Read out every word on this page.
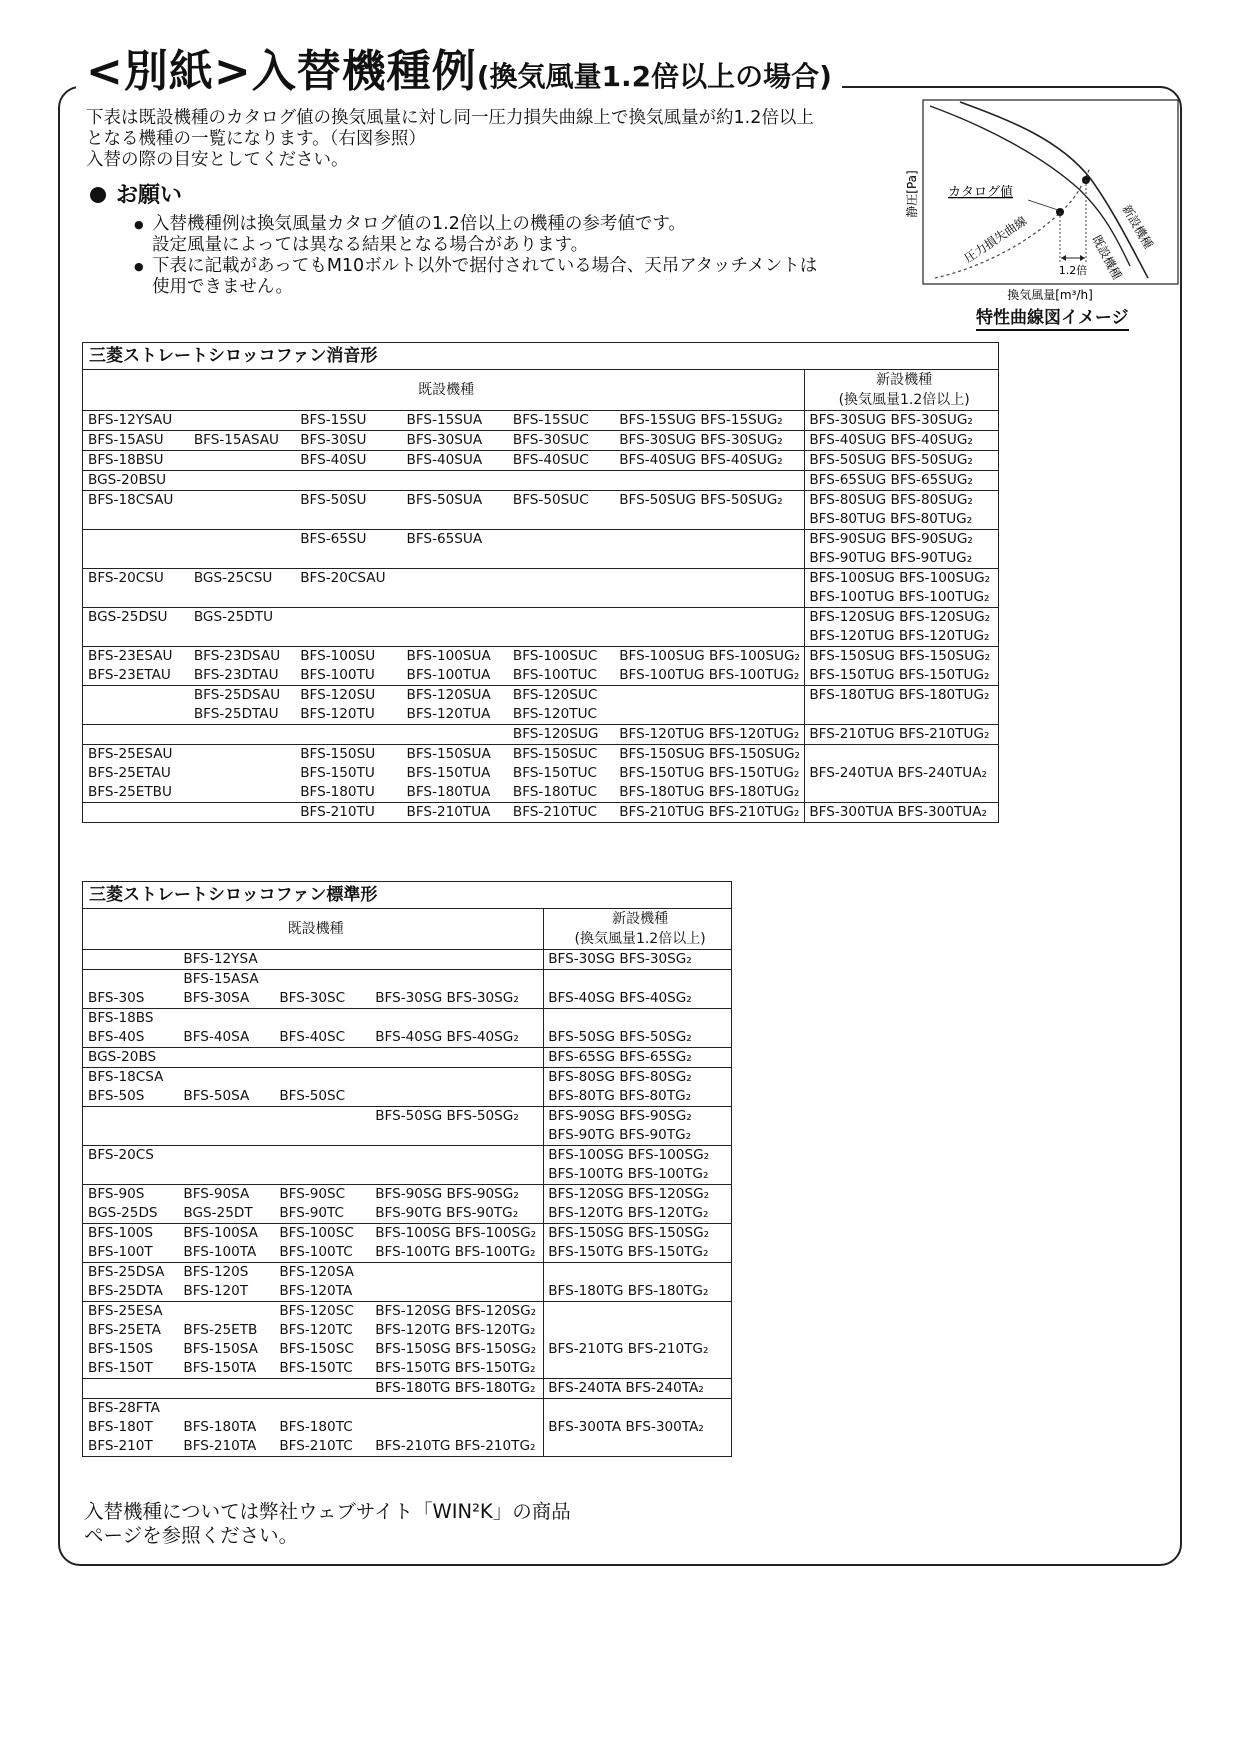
<別紙>入替機種例(換気風量1.2倍以上の場合)

下表は既設機種のカタログ値の換気風量に対し同一圧力損失曲線上で換気風量が約1.2倍以上

となる機種の一覧になります。（右図参照）

入替の際の目安としてください。

お願い
● 入替機種例は換気風量カタログ値の1.2倍以上の機種の参考値です。
設定風量によっては異なる結果となる場合があります。
● 下表に記載があってもM10ボルト以外で据付されている場合、天吊アタッチメントは
使用できません。
静圧[Pa]
1.2倍
カタログ値
圧力損失曲線	新設機種
既設機種
換気風量[m³/h]
特性曲線図イメージ
三菱ストレートシロッコファン消音形						
既設機種						新設機種
(換気風量1.2倍以上)
BFS-12YSAU		BFS-15SU	BFS-15SUA	BFS-15SUC	BFS-15SUG BFS-15SUG₂	BFS-30SUG BFS-30SUG₂
BFS-15ASU	BFS-15ASAU	BFS-30SU	BFS-30SUA	BFS-30SUC	BFS-30SUG BFS-30SUG₂	BFS-40SUG BFS-40SUG₂
BFS-18BSU		BFS-40SU	BFS-40SUA	BFS-40SUC	BFS-40SUG BFS-40SUG₂	BFS-50SUG BFS-50SUG₂
BGS-20BSU						BFS-65SUG BFS-65SUG₂
BFS-18CSAU		BFS-50SU	BFS-50SUA	BFS-50SUC	BFS-50SUG BFS-50SUG₂	BFS-80SUG BFS-80SUG₂
						BFS-80TUG BFS-80TUG₂
		BFS-65SU	BFS-65SUA			BFS-90SUG BFS-90SUG₂
						BFS-90TUG BFS-90TUG₂
BFS-20CSU	BGS-25CSU	BFS-20CSAU				BFS-100SUG BFS-100SUG₂
						BFS-100TUG BFS-100TUG₂
BGS-25DSU	BGS-25DTU					BFS-120SUG BFS-120SUG₂
						BFS-120TUG BFS-120TUG₂
BFS-23ESAU	BFS-23DSAU	BFS-100SU	BFS-100SUA	BFS-100SUC	BFS-100SUG BFS-100SUG₂	BFS-150SUG BFS-150SUG₂
BFS-23ETAU	BFS-23DTAU	BFS-100TU	BFS-100TUA	BFS-100TUC	BFS-100TUG BFS-100TUG₂	BFS-150TUG BFS-150TUG₂
	BFS-25DSAU	BFS-120SU	BFS-120SUA	BFS-120SUC		BFS-180TUG BFS-180TUG₂
	BFS-25DTAU	BFS-120TU	BFS-120TUA	BFS-120TUC		
				BFS-120SUG	BFS-120TUG BFS-120TUG₂	BFS-210TUG BFS-210TUG₂
BFS-25ESAU		BFS-150SU	BFS-150SUA	BFS-150SUC	BFS-150SUG BFS-150SUG₂	
BFS-25ETAU		BFS-150TU	BFS-150TUA	BFS-150TUC	BFS-150TUG BFS-150TUG₂	BFS-240TUA BFS-240TUA₂
BFS-25ETBU		BFS-180TU	BFS-180TUA	BFS-180TUC	BFS-180TUG BFS-180TUG₂	
		BFS-210TU	BFS-210TUA	BFS-210TUC	BFS-210TUG BFS-210TUG₂	BFS-300TUA BFS-300TUA₂
三菱ストレートシロッコファン標準形				
既設機種				新設機種
(換気風量1.2倍以上)
	BFS-12YSA			BFS-30SG BFS-30SG₂
	BFS-15ASA			
BFS-30S	BFS-30SA	BFS-30SC	BFS-30SG BFS-30SG₂	BFS-40SG BFS-40SG₂
BFS-18BS				
BFS-40S	BFS-40SA	BFS-40SC	BFS-40SG BFS-40SG₂	BFS-50SG BFS-50SG₂
BGS-20BS				BFS-65SG BFS-65SG₂
BFS-18CSA				BFS-80SG BFS-80SG₂
BFS-50S	BFS-50SA	BFS-50SC		BFS-80TG BFS-80TG₂
			BFS-50SG BFS-50SG₂	BFS-90SG BFS-90SG₂
				BFS-90TG BFS-90TG₂
BFS-20CS				BFS-100SG BFS-100SG₂
				BFS-100TG BFS-100TG₂
BFS-90S	BFS-90SA	BFS-90SC	BFS-90SG BFS-90SG₂	BFS-120SG BFS-120SG₂
BGS-25DS	BGS-25DT	BFS-90TC	BFS-90TG BFS-90TG₂	BFS-120TG BFS-120TG₂
BFS-100S	BFS-100SA	BFS-100SC	BFS-100SG BFS-100SG₂	BFS-150SG BFS-150SG₂
BFS-100T	BFS-100TA	BFS-100TC	BFS-100TG BFS-100TG₂	BFS-150TG BFS-150TG₂
BFS-25DSA	BFS-120S	BFS-120SA		
BFS-25DTA	BFS-120T	BFS-120TA		BFS-180TG BFS-180TG₂
BFS-25ESA		BFS-120SC	BFS-120SG BFS-120SG₂	
BFS-25ETA	BFS-25ETB	BFS-120TC	BFS-120TG BFS-120TG₂	
BFS-150S	BFS-150SA	BFS-150SC	BFS-150SG BFS-150SG₂	BFS-210TG BFS-210TG₂
BFS-150T	BFS-150TA	BFS-150TC	BFS-150TG BFS-150TG₂	
			BFS-180TG BFS-180TG₂	BFS-240TA BFS-240TA₂
BFS-28FTA				
BFS-180T	BFS-180TA	BFS-180TC		BFS-300TA BFS-300TA₂
BFS-210T	BFS-210TA	BFS-210TC	BFS-210TG BFS-210TG₂	

入替機種については弊社ウェブサイト「WIN²K」の商品

ページを参照ください。
